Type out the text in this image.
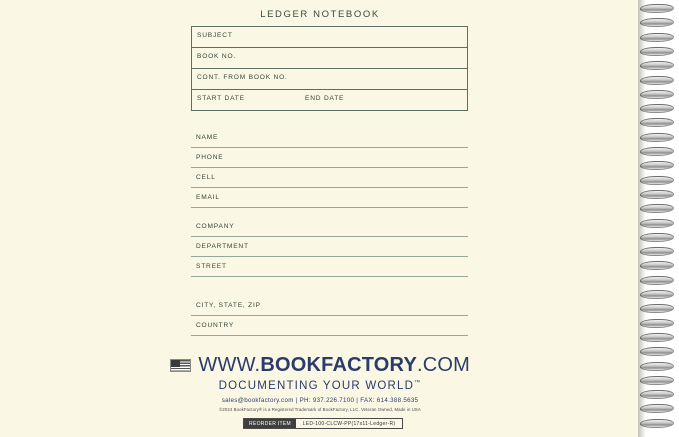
LEDGER NOTEBOOK
SUBJECT
BOOK NO.
CONT. FROM BOOK NO.
START DATE	END DATE
NAME
PHONE
CELL
EMAIL
COMPANY
DEPARTMENT
STREET
CITY, STATE, ZIP
COUNTRY
WWW.BOOKFACTORY.COM
DOCUMENTING YOUR WORLD™
sales@bookfactory.com | PH: 937.226.7100 | FAX: 614.388.5635
©2024 BookFactory® is a Registered Trademark of BookFactory, LLC. Veteran Owned, Made in USA
REORDER ITEM	LED-100-CLCW-PP(17x11-Ledger-R)
